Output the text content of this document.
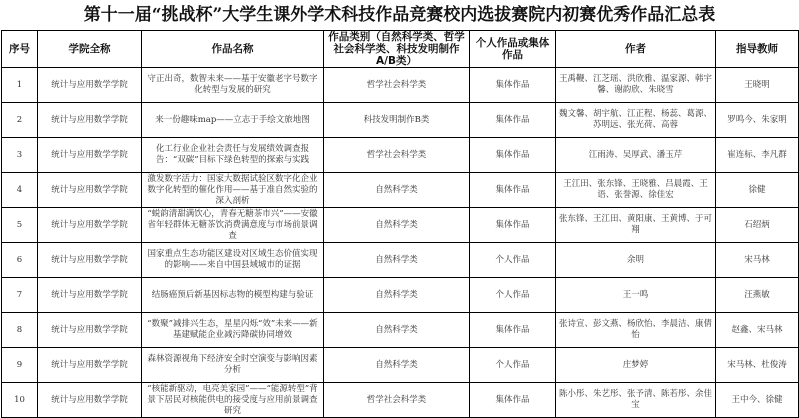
第十一届“挑战杯”大学生课外学术科技作品竞赛校内选拔赛院内初赛优秀作品汇总表
序号	学院全称	作品名称	作品类别（自然科学类、哲学社会科学类、科技发明制作A/B类）	个人作品或集体作品	作者	指导教师
1	统计与应用数学学院	守正出奇，数智未来——基于安徽老字号数字化转型与发展的研究	哲学社会科学类	集体作品	王禹鞭、江芝瑶、洪欣雅、温家源、韩宇馨、谢韵欣、朱晓雪	王晓明
2	统计与应用数学学院	来一份趣味map——立志于手绘文旅地图	科技发明制作B类	集体作品	魏文馨、胡宇航、江正程、杨蕊、葛源、苏明远、张光荷、高蓉	罗鸣今、朱家明
3	统计与应用数学学院	化工行业企业社会责任与发展绩效调查报告：“双碳”目标下绿色转型的探索与实践	哲学社会科学类	集体作品	江雨涛、吴厚武、潘玉芹	崔连标、李凡群
4	统计与应用数学学院	激发数字活力：国家大数据试验区数字化企业数字化转型的催化作用——基于准自然实验的深入剖析	自然科学类	集体作品	王江田、张东锋、王晓雅、吕晨霞、王语、张誉源、徐佳宏	徐健
5	统计与应用数学学院	“蜕韵清甜满饮心，青春无糖茶市兴”——安徽省年轻群体无糖茶饮消费满意度与市场前景调查	自然科学类	集体作品	张东锋、王江田、黄阳康、王黄博、于可翔	石绍炳
6	统计与应用数学学院	国家重点生态功能区建设对区域生态价值实现的影响——来自中国县域城市的证据	自然科学类	个人作品	余明	宋马林
7	统计与应用数学学院	结肠癌预后新基因标志物的模型构建与验证	自然科学类	个人作品	王一鸣	汪燕敏
8	统计与应用数学学院	“数聚”减排兴生态，星星闪烁“效”未来——新基建赋能企业减污降碳协同增效	自然科学类	集体作品	张诗宣、彭文燕、杨欣怡、李晨洁、康倩怡	赵鑫、宋马林
9	统计与应用数学学院	森林资源视角下经济安全时空演变与影响因素分析	自然科学类	个人作品	庄梦婷	宋马林、杜俊涛
10	统计与应用数学学院	“核能新驱动，电亮美家园”——“能源转型”背景下居民对核能供电的接受度与应用前景调查研究	哲学社会科学类	集体作品	陈小彤、朱艺彤、张予清、陈若彤、余佳宝	王中今、徐健
